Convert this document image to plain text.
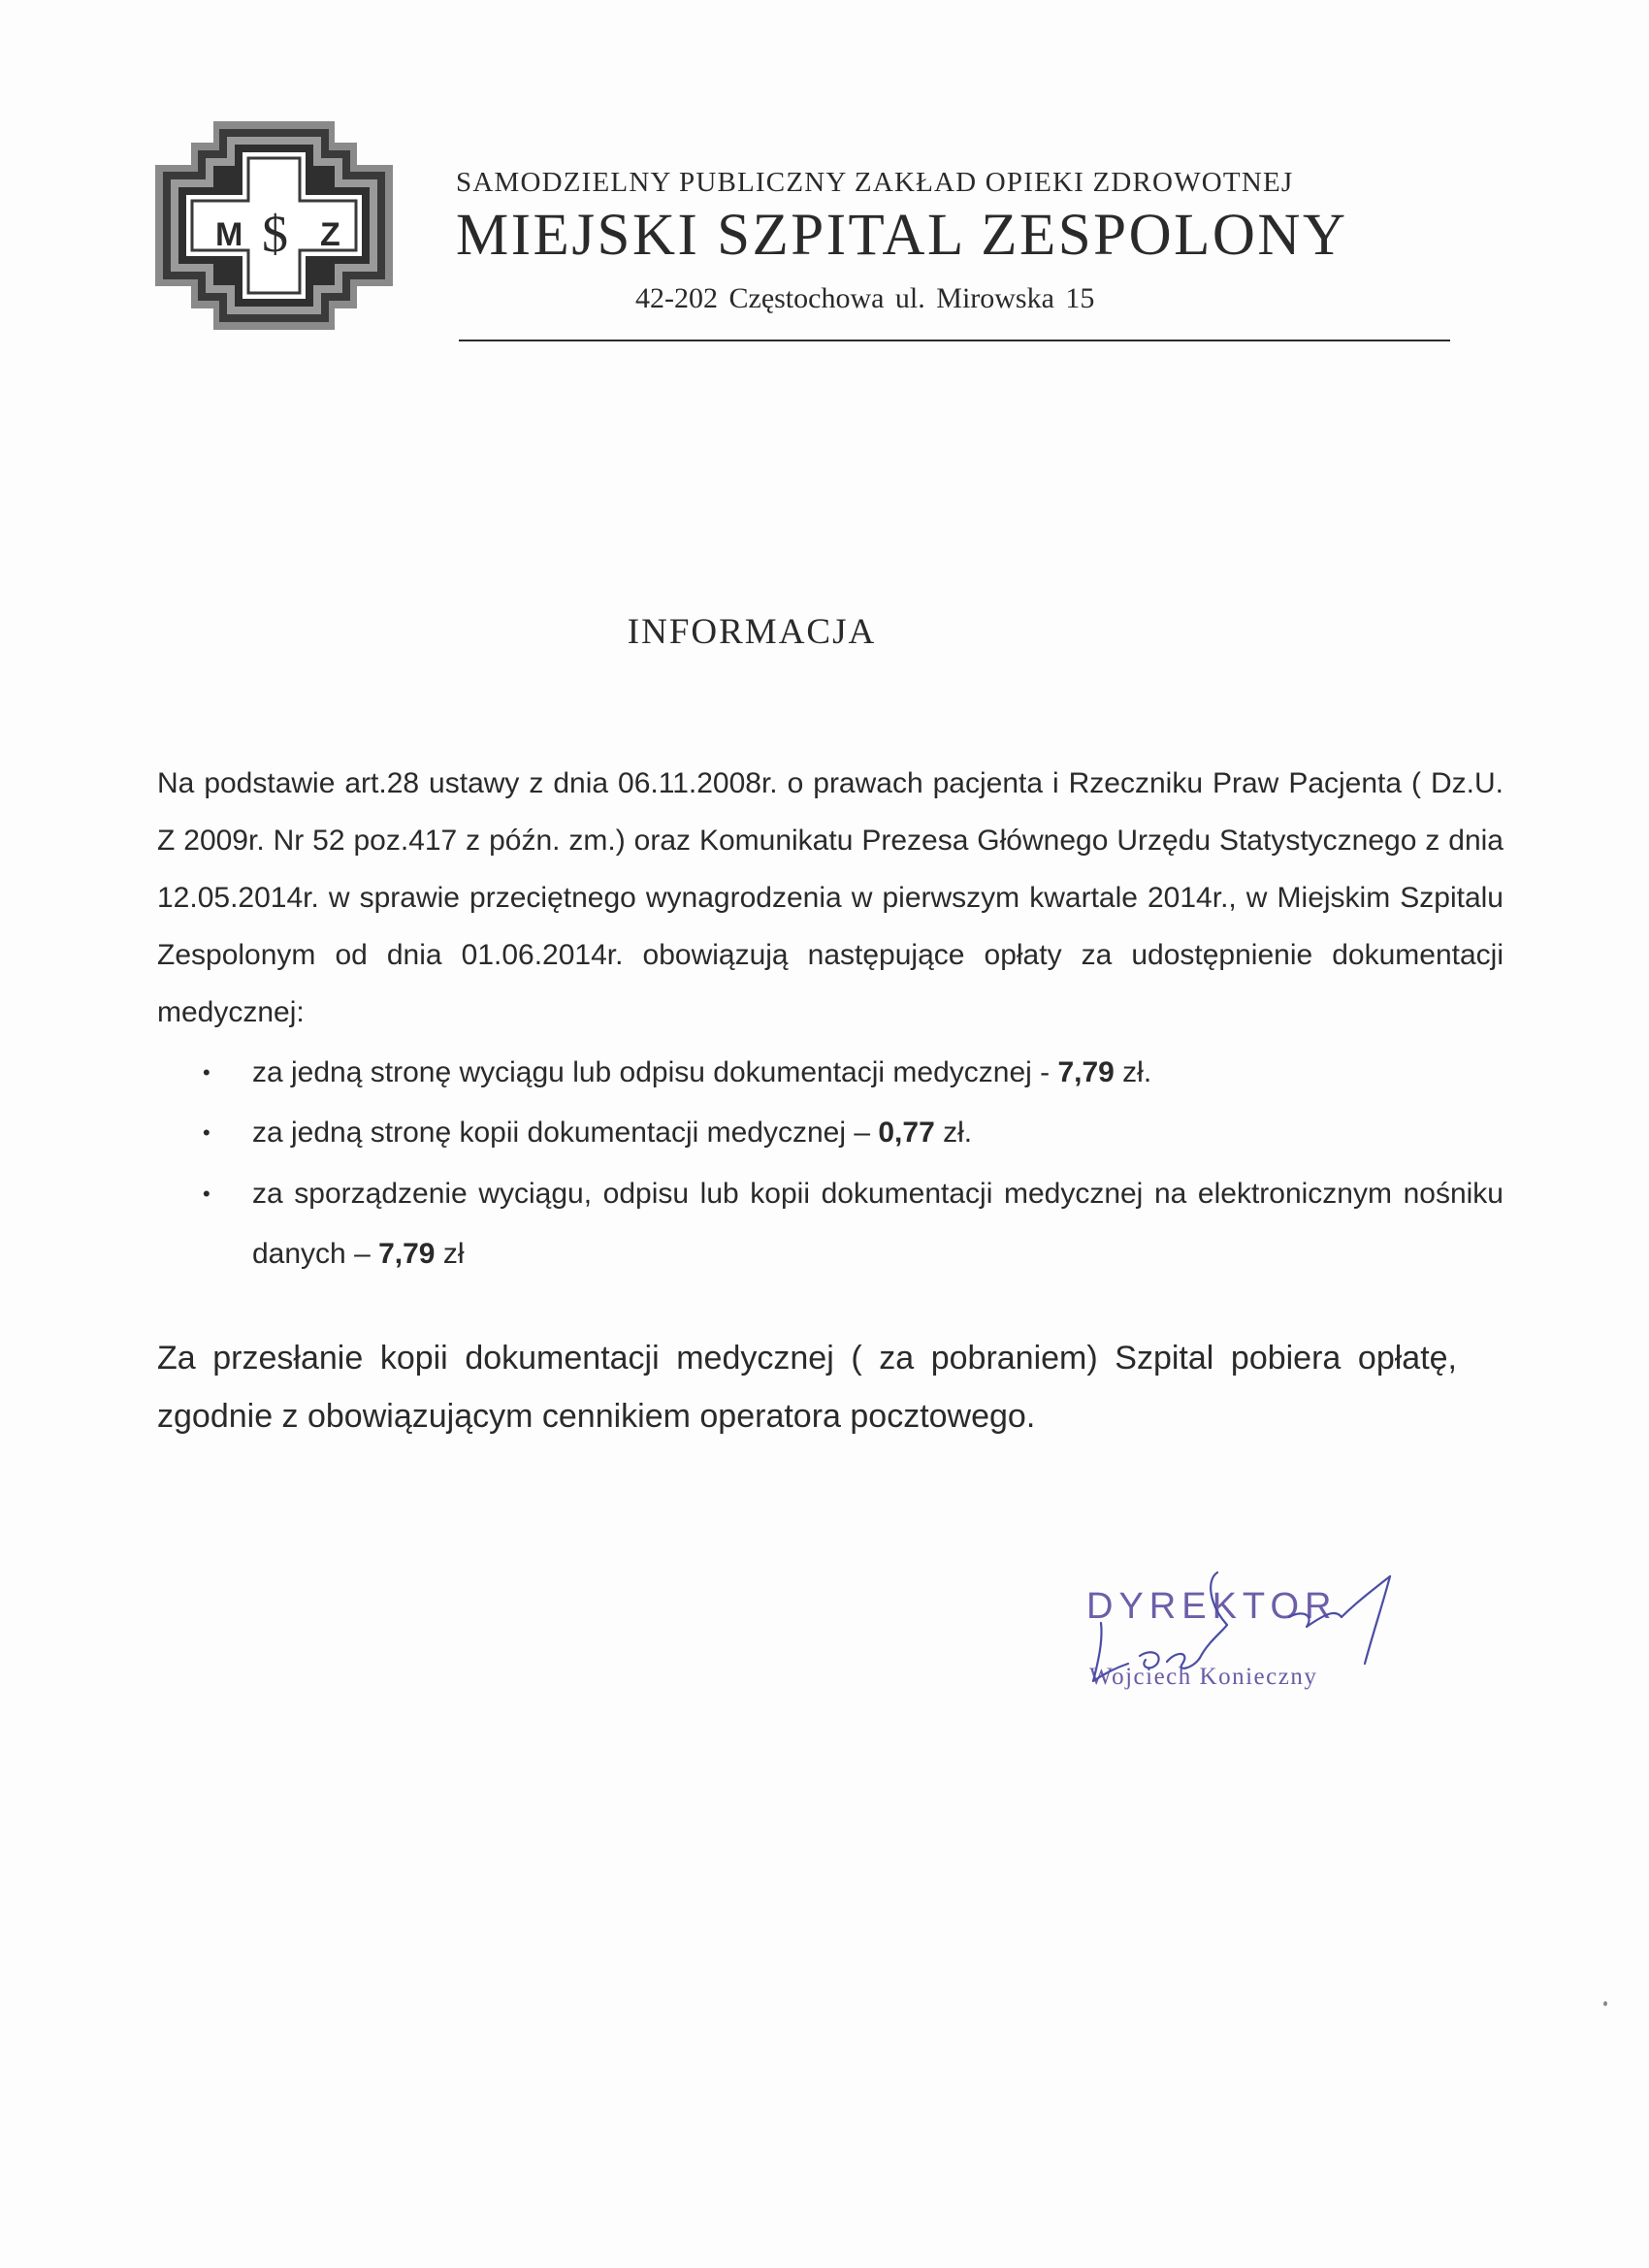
M $ Z
SAMODZIELNY PUBLICZNY ZAKŁAD OPIEKI ZDROWOTNEJ
MIEJSKI SZPITAL ZESPOLONY
42-202 Częstochowa ul. Mirowska 15
INFORMACJA

Na podstawie art.28 ustawy z dnia 06.11.2008r. o prawach pacjenta i Rzeczniku Praw Pacjenta ( Dz.U. Z 2009r. Nr 52 poz.417 z późn. zm.) oraz Komunikatu Prezesa Głównego Urzędu Statystycznego z dnia 12.05.2014r. w sprawie przeciętnego wynagrodzenia w pierwszym kwartale 2014r., w Miejskim Szpitalu Zespolonym od dnia 01.06.2014r. obowiązują następujące opłaty za udostępnienie dokumentacji medycznej:

• za jedną stronę wyciągu lub odpisu dokumentacji medycznej - 7,79 zł.
• za jedną stronę kopii dokumentacji medycznej – 0,77 zł.
• za sporządzenie wyciągu, odpisu lub kopii dokumentacji medycznej na elektronicznym nośniku danych – 7,79 zł
Za przesłanie kopii dokumentacji medycznej ( za pobraniem) Szpital pobiera opłatę, zgodnie z obowiązującym cennikiem operatora pocztowego.
DYREKTOR
Wojciech Konieczny
